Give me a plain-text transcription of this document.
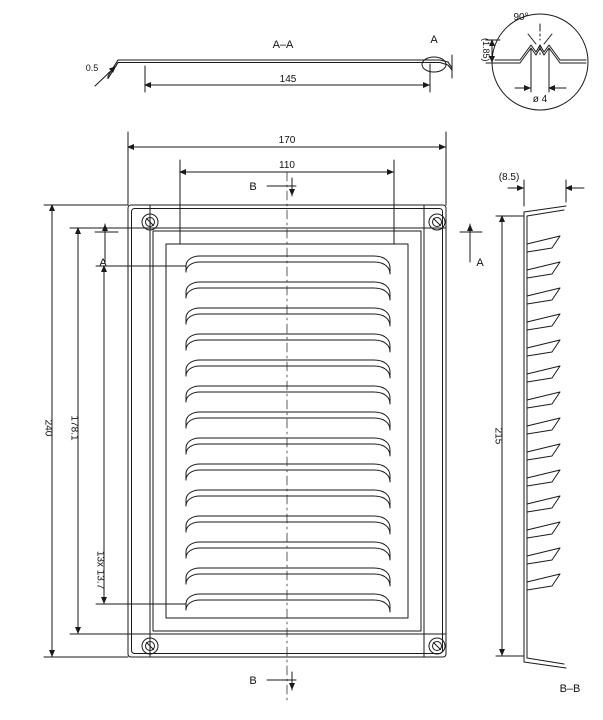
A–A
145
0.5
A
90°
(1.85)
ø 4
170
110
240 178.1
13x 13.7
A	A
B
B
(8.5)
215
B–B
